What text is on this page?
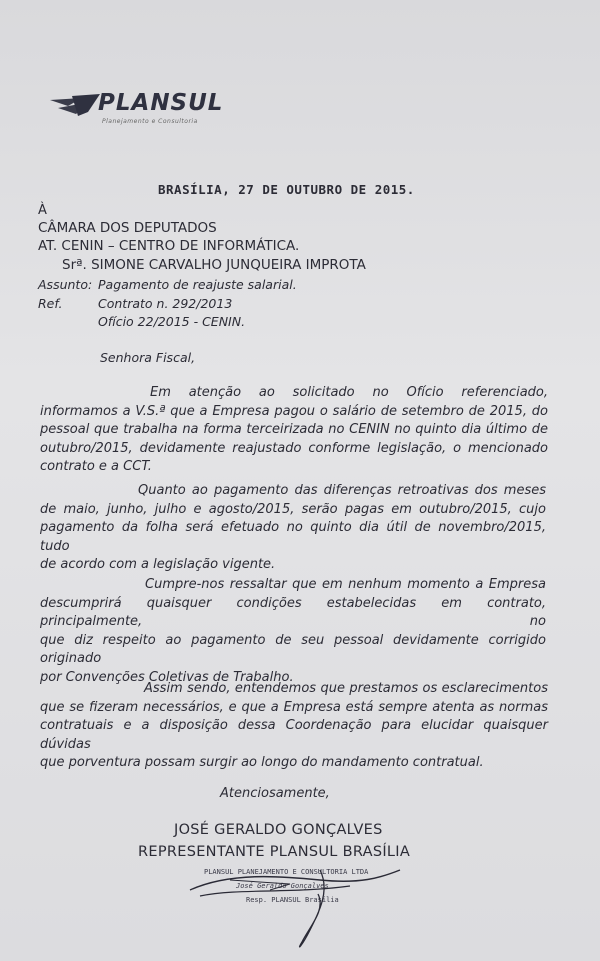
PLANSUL
Planejamento e Consultoria
BRASÍLIA, 27 DE OUTUBRO DE 2015.
À
CÂMARA DOS DEPUTADOS
AT. CENIN – CENTRO DE INFORMÁTICA.
Srª. SIMONE CARVALHO JUNQUEIRA IMPROTA
Assunto: Pagamento de reajuste salarial.
Ref.	Contrato n. 292/2013
Ofício 22/2015 - CENIN.
Senhora Fiscal,
Em atenção ao solicitado no Ofício referenciado,
informamos a V.S.ª que a Empresa pagou o salário de setembro de 2015, do
pessoal que trabalha na forma terceirizada no CENIN no quinto dia último de
outubro/2015, devidamente reajustado conforme legislação, o mencionado
contrato e a CCT.
Quanto ao pagamento das diferenças retroativas dos meses
de maio, junho, julho e agosto/2015, serão pagas em outubro/2015, cujo
pagamento da folha será efetuado no quinto dia útil de novembro/2015, tudo
de acordo com a legislação vigente.
Cumpre-nos ressaltar que em nenhum momento a Empresa
descumprirá quaisquer condições estabelecidas em contrato, principalmente, no
que diz respeito ao pagamento de seu pessoal devidamente corrigido originado
por Convenções Coletivas de Trabalho.
Assim sendo, entendemos que prestamos os esclarecimentos
que se fizeram necessários, e que a Empresa está sempre atenta as normas
contratuais e a disposição dessa Coordenação para elucidar quaisquer dúvidas
que porventura possam surgir ao longo do mandamento contratual.
Atenciosamente,
JOSÉ GERALDO GONÇALVES
REPRESENTANTE PLANSUL BRASÍLIA
PLANSUL PLANEJAMENTO E CONSULTORIA LTDA
José Geraldo Gonçalves
Resp. PLANSUL Brasília
